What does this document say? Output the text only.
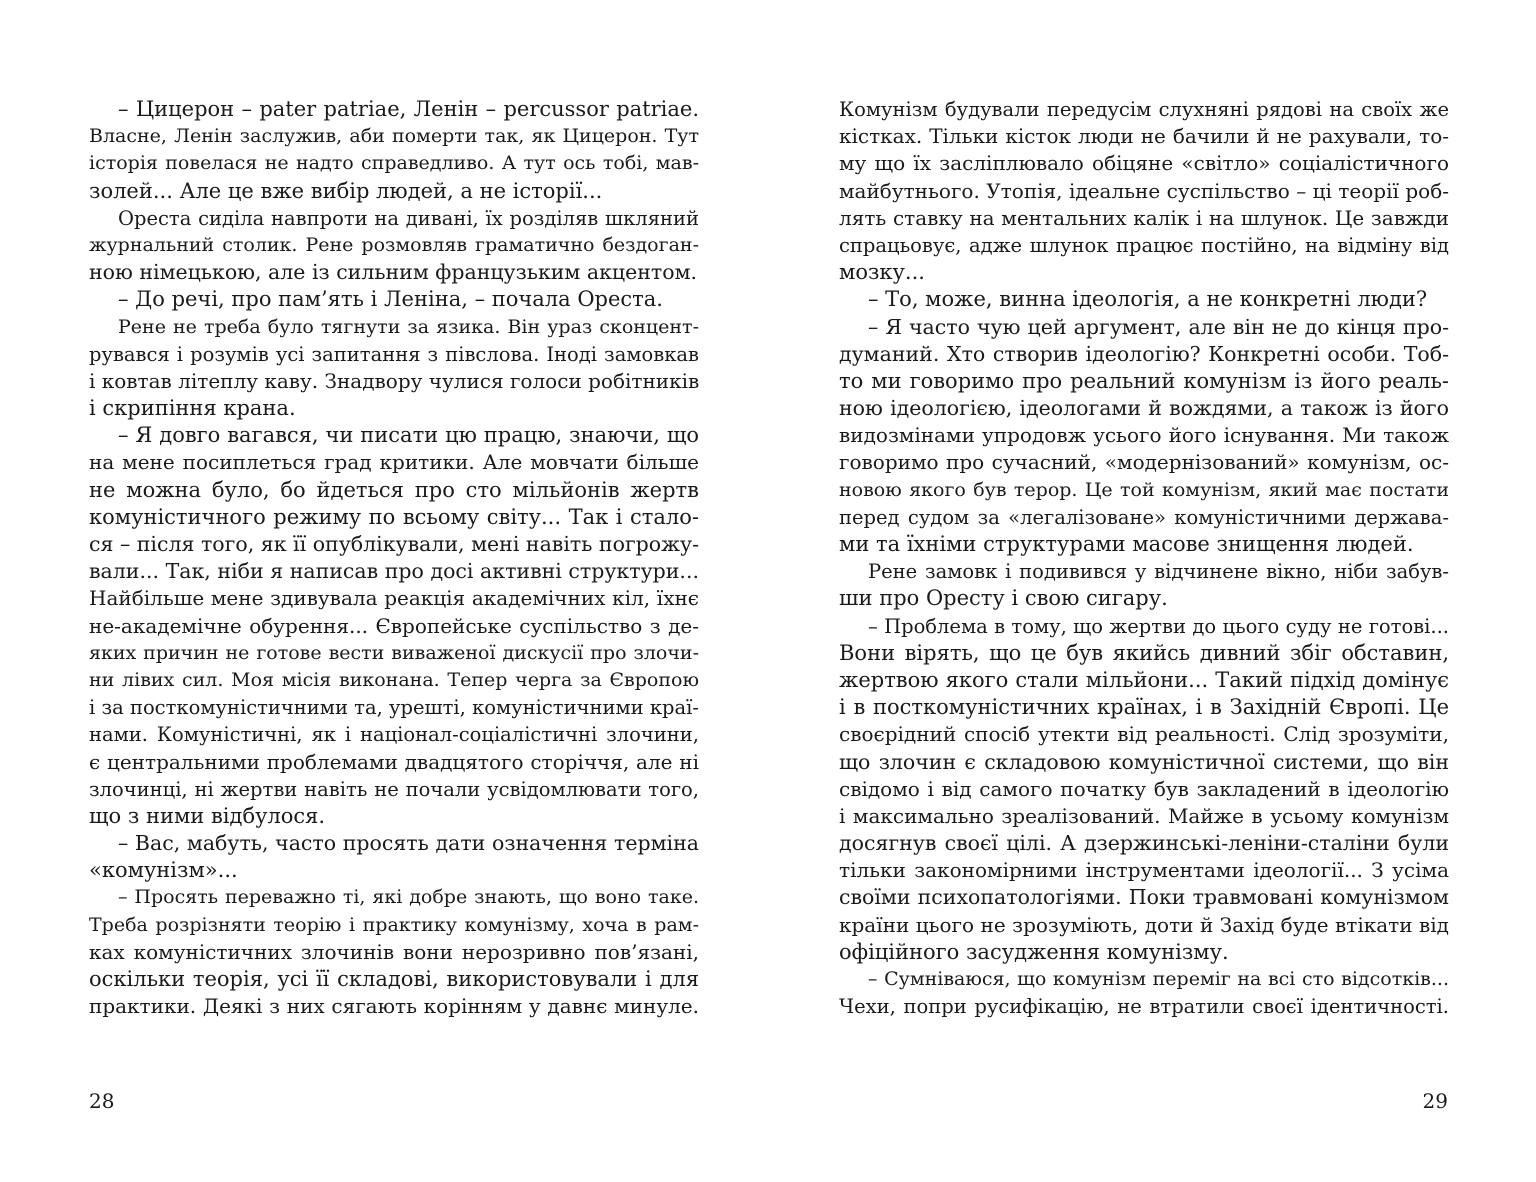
– Цицерон – pater patriae, Ленін – percussor patriae.
Власне, Ленін заслужив, аби померти так, як Цицерон. Тут
історія повелася не надто справедливо. А тут ось тобі, мав-
золей... Але це вже вибір людей, а не історії...
Ореста сиділа навпроти на дивані, їх розділяв шкляний
журнальний столик. Рене розмовляв граматично бездоган-
ною німецькою, але із сильним французьким акцентом.
– До речі, про пам’ять і Леніна, – почала Ореста.
Рене не треба було тягнути за язика. Він ураз сконцент-
рувався і розумів усі запитання з півслова. Іноді замовкав
і ковтав літеплу каву. Знадвору чулися голоси робітників
і скрипіння крана.
– Я довго вагався, чи писати цю працю, знаючи, що
на мене посиплеться град критики. Але мовчати більше
не можна було, бо йдеться про сто мільйонів жертв
комуністичного режиму по всьому світу... Так і стало-
ся – після того, як її опублікували, мені навіть погрожу-
вали... Так, ніби я написав про досі активні структури...
Найбільше мене здивувала реакція академічних кіл, їхнє
не-академічне обурення... Європейське суспільство з де-
яких причин не готове вести виваженої дискусії про злочи-
ни лівих сил. Моя місія виконана. Тепер черга за Європою
і за посткомуністичними та, урешті, комуністичними краї-
нами. Комуністичні, як і націонал-соціалістичні злочини,
є центральними проблемами двадцятого сторіччя, але ні
злочинці, ні жертви навіть не почали усвідомлювати того,
що з ними відбулося.
– Вас, мабуть, часто просять дати означення терміна
«комунізм»...
– Просять переважно ті, які добре знають, що воно таке.
Треба розрізняти теорію і практику комунізму, хоча в рам-
ках комуністичних злочинів вони нерозривно пов’язані,
оскільки теорія, усі її складові, використовували і для
практики. Деякі з них сягають корінням у давнє минуле.
Комунізм будували передусім слухняні рядові на своїх же
кістках. Тільки кісток люди не бачили й не рахували, то-
му що їх засліплювало обіцяне «світло» соціалістичного
майбутнього. Утопія, ідеальне суспільство – ці теорії роб-
лять ставку на ментальних калік і на шлунок. Це завжди
спрацьовує, адже шлунок працює постійно, на відміну від
мозку...
– То, може, винна ідеологія, а не конкретні люди?
– Я часто чую цей аргумент, але він не до кінця про-
думаний. Хто створив ідеологію? Конкретні особи. Тоб-
то ми говоримо про реальний комунізм із його реаль-
ною ідеологією, ідеологами й вождями, а також із його
видозмінами упродовж усього його існування. Ми також
говоримо про сучасний, «модернізований» комунізм, ос-
новою якого був терор. Це той комунізм, який має постати
перед судом за «легалізоване» комуністичними держава-
ми та їхніми структурами масове знищення людей.
Рене замовк і подивився у відчинене вікно, ніби забув-
ши про Оресту і свою сигару.
– Проблема в тому, що жертви до цього суду не готові...
Вони вірять, що це був якийсь дивний збіг обставин,
жертвою якого стали мільйони... Такий підхід домінує
і в посткомуністичних країнах, і в Західній Європі. Це
своєрідний спосіб утекти від реальності. Слід зрозуміти,
що злочин є складовою комуністичної системи, що він
свідомо і від самого початку був закладений в ідеологію
і максимально зреалізований. Майже в усьому комунізм
досягнув своєї цілі. А дзержинські-леніни-сталіни були
тільки закономірними інструментами ідеології... З усіма
своїми психопатологіями. Поки травмовані комунізмом
країни цього не зрозуміють, доти й Захід буде втікати від
офіційного засудження комунізму.
– Сумніваюся, що комунізм переміг на всі сто відсотків...
Чехи, попри русифікацію, не втратили своєї ідентичності.
28	29
